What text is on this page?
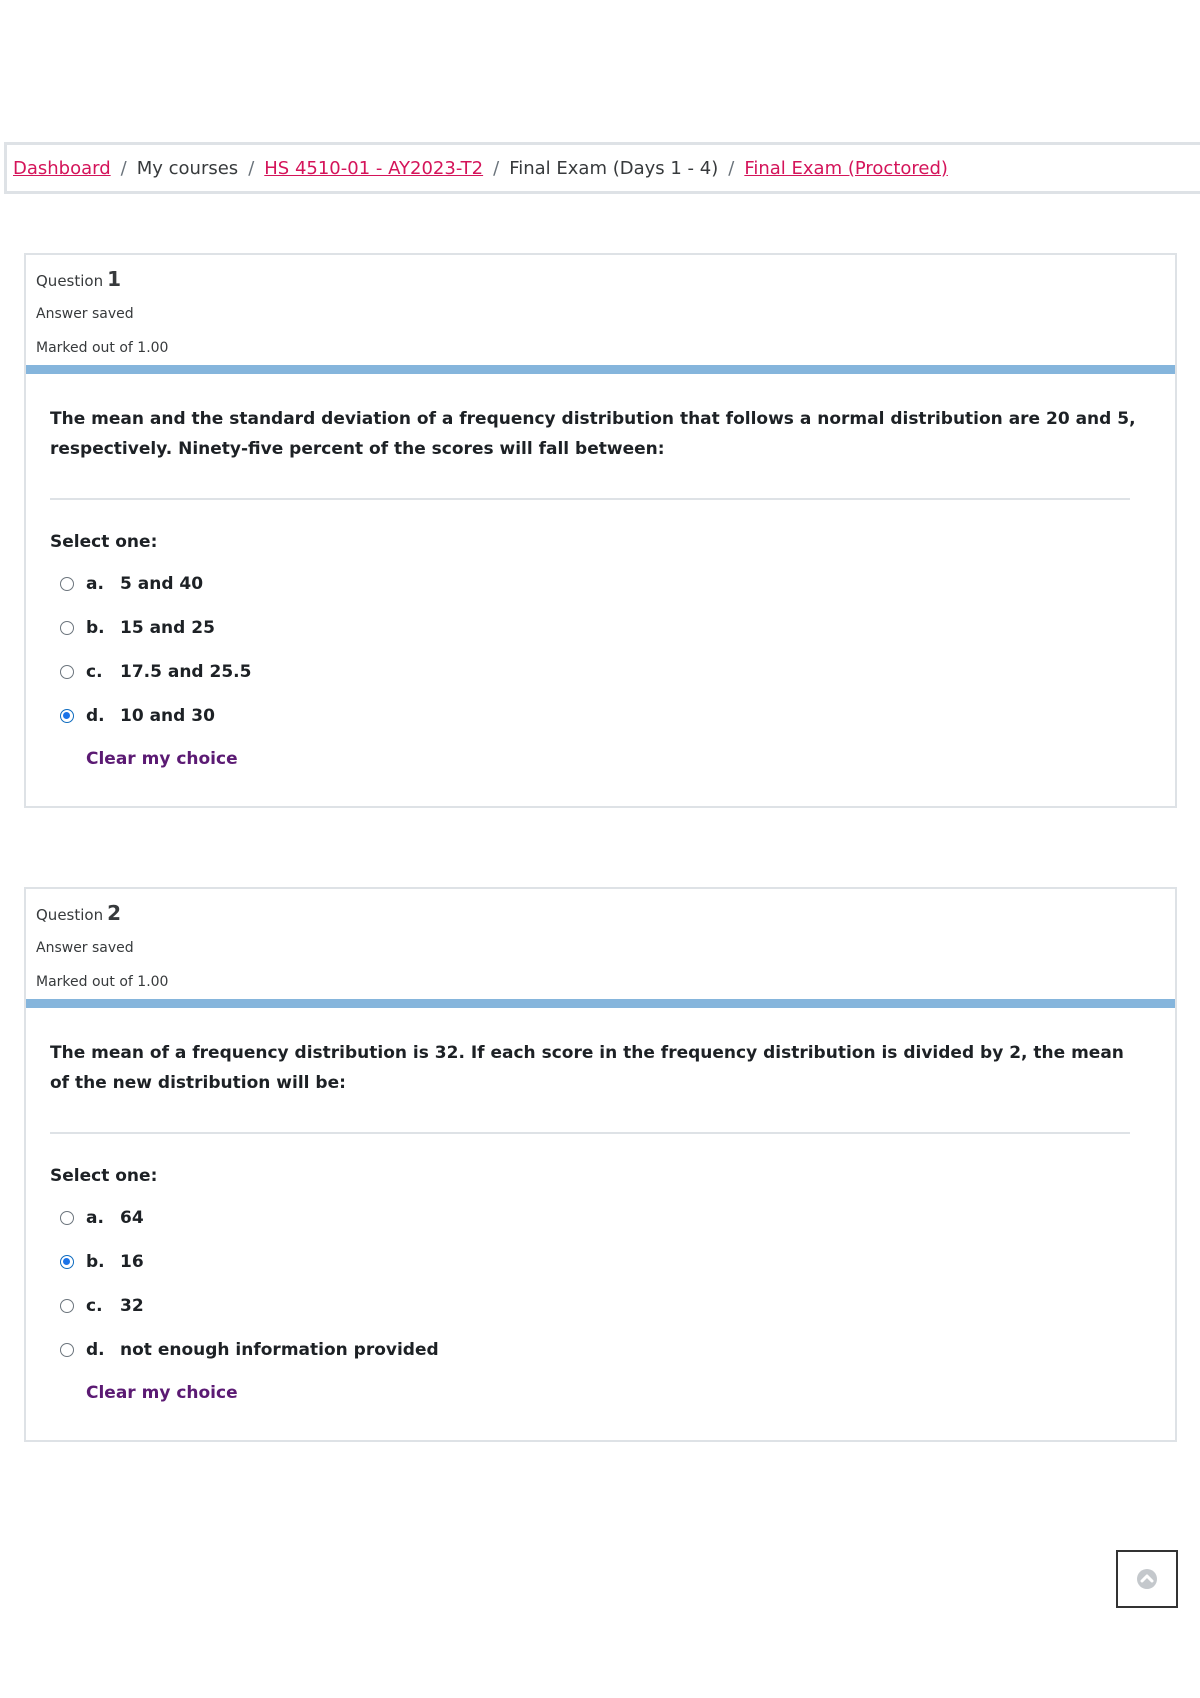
Dashboard / My courses / HS 4510-01 - AY2023-T2 / Final Exam (Days 1 - 4) / Final Exam (Proctored)
Question 1
Answer saved
Marked out of 1.00
The mean and the standard deviation of a frequency distribution that follows a normal distribution are 20 and 5, respectively. Ninety-five percent of the scores will fall between:
Select one:
a. 5 and 40
b. 15 and 25
c.	17.5 and 25.5
d. 10 and 30
Clear my choice
Question 2
Answer saved
Marked out of 1.00
The mean of a frequency distribution is 32. If each score in the frequency distribution is divided by 2, the mean of the new distribution will be:
Select one:
a. 64
b. 16
c.	32
d. not enough information provided
Clear my choice
